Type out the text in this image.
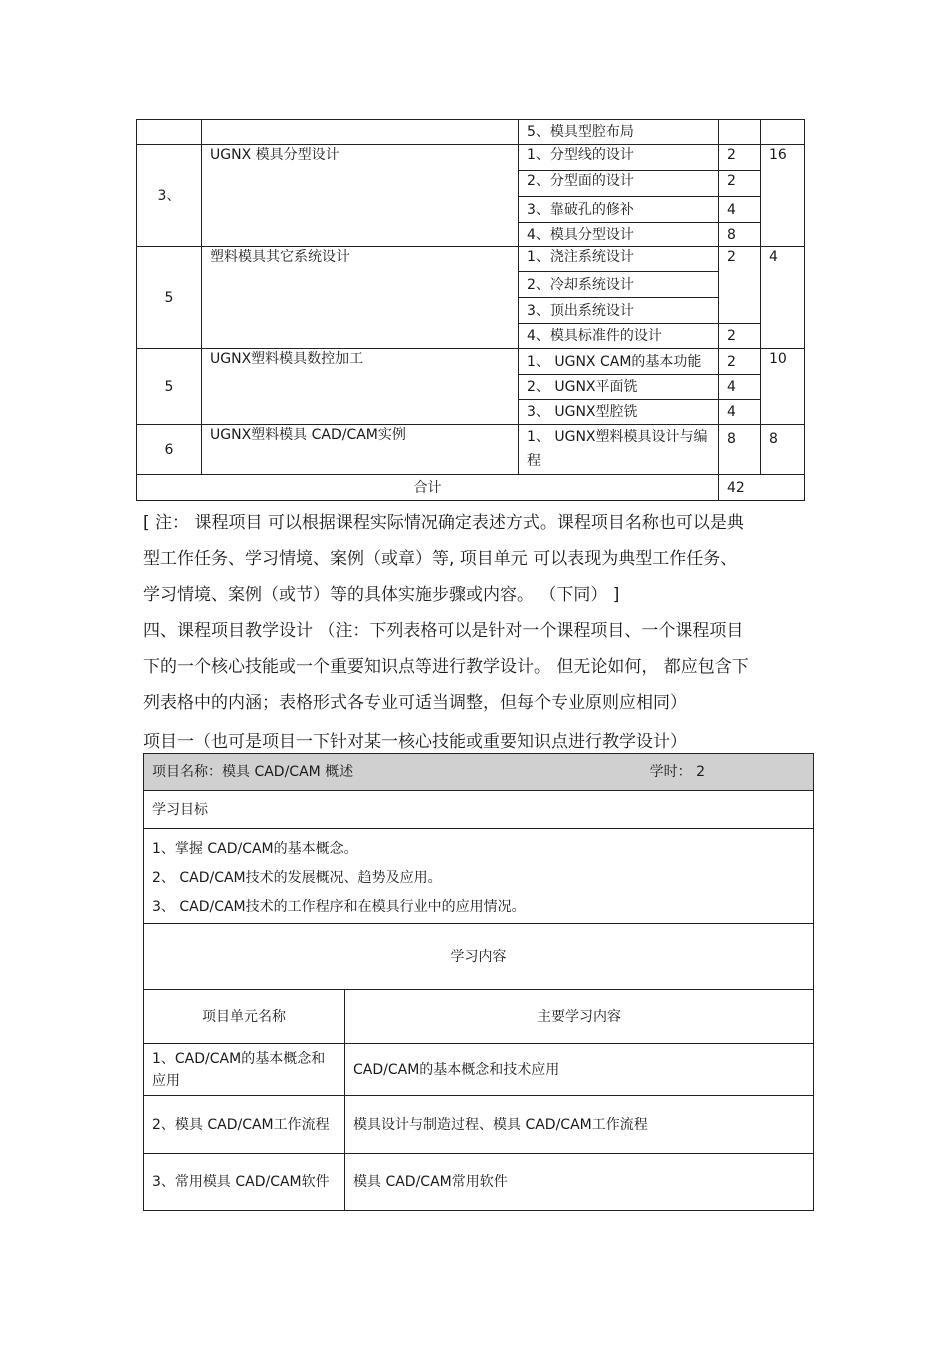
		5、模具型腔布局		
3、	UGNX 模具分型设计	1、分型线的设计	2	16
		2、分型面的设计	2	
		3、靠破孔的修补	4	
		4、模具分型设计	8	
5	塑料模具其它系统设计	1、浇注系统设计	2	4
		2、冷却系统设计		
		3、顶出系统设计		
		4、模具标准件的设计	2	
5	UGNX塑料模具数控加工	1、 UGNX CAM的基本功能	2	10
		2、 UGNX平面铣	4	
		3、 UGNX型腔铣	4	
6	UGNX塑料模具 CAD/CAM实例	1、 UGNX塑料模具设计与编程	8	8
合计			42	

[ 注： 课程项目 可以根据课程实际情况确定表述方式。课程项目名称也可以是典

型工作任务、学习情境、案例（或章）等, 项目单元 可以表现为典型工作任务、

学习情境、案例（或节）等的具体实施步骤或内容。 （下同） ]

四、课程项目教学设计 （注：下列表格可以是针对一个课程项目、一个课程项目

下的一个核心技能或一个重要知识点等进行教学设计。 但无论如何， 都应包含下

列表格中的内涵；表格形式各专业可适当调整，但每个专业原则应相同）

项目一（也可是项目一下针对某一核心技能或重要知识点进行教学设计）
项目名称：模具 CAD/CAM 概述 学时： 2	

学习目标	

1、掌握 CAD/CAM的基本概念。
2、 CAD/CAM技术的发展概况、趋势及应用。
3、 CAD/CAM技术的工作程序和在模具行业中的应用情况。	

学习内容	
项目单元名称	主要学习内容
1、CAD/CAM的基本概念和应用	CAD/CAM的基本概念和技术应用
2、模具 CAD/CAM工作流程	模具设计与制造过程、模具 CAD/CAM工作流程
3、常用模具 CAD/CAM软件	模具 CAD/CAM常用软件
